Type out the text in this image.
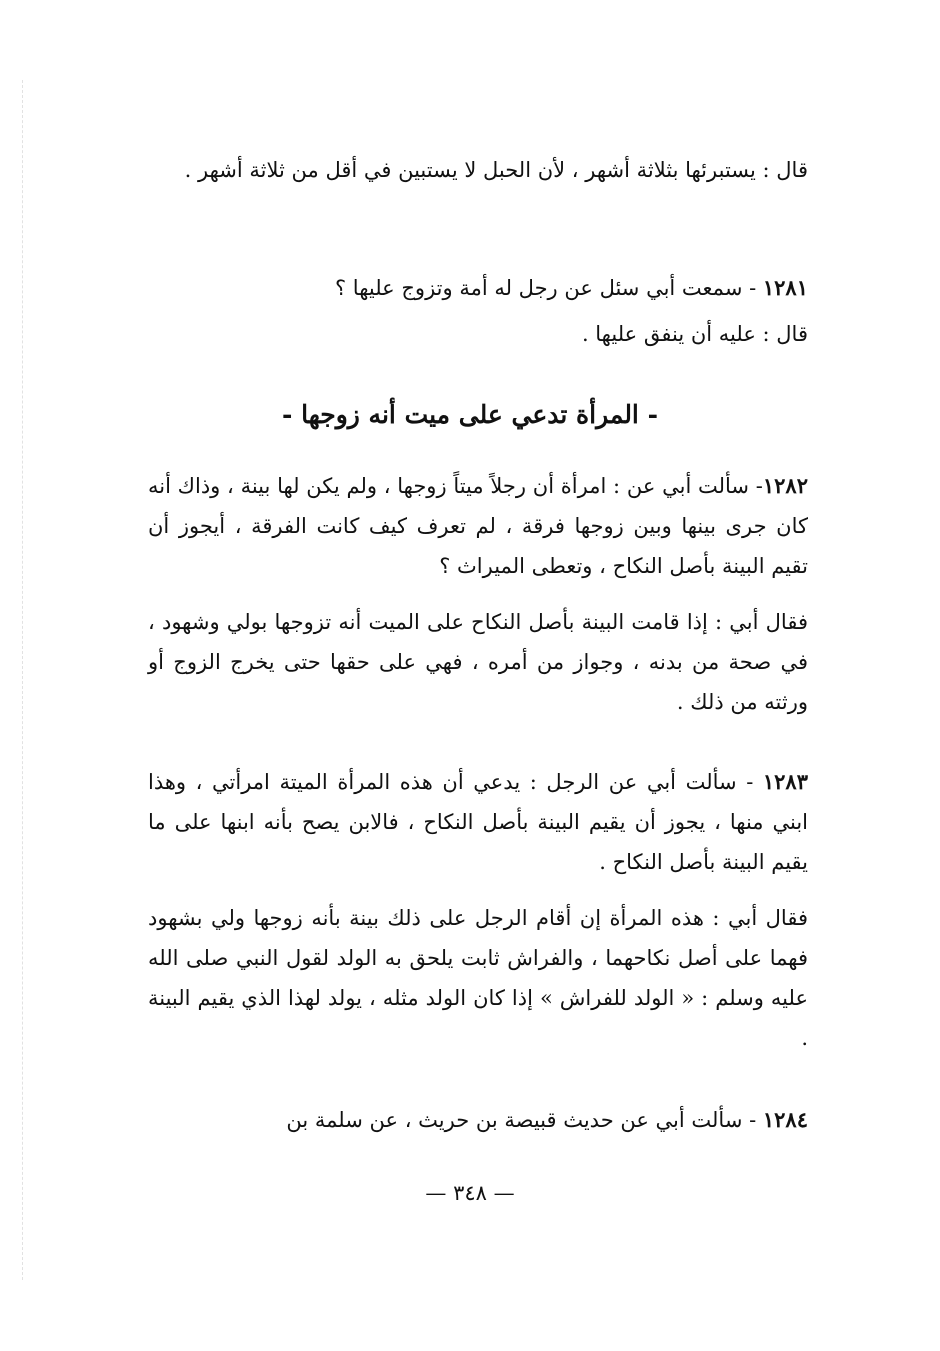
قال : يستبرئها بثلاثة أشهر ، لأن الحبل لا يستبين في أقل من ثلاثة أشهر .

١٢٨١ - سمعت أبي سئل عن رجل له أمة وتزوج عليها ؟

قال : عليه أن ينفق عليها .

- المرأة تدعي على ميت أنه زوجها -

١٢٨٢- سألت أبي عن : امرأة أن رجلاً ميتاً زوجها ، ولم يكن لها بينة ، وذاك أنه كان جرى بينها وبين زوجها فرقة ، لم تعرف كيف كانت الفرقة ، أيجوز أن تقيم البينة بأصل النكاح ، وتعطى الميراث ؟

فقال أبي : إذا قامت البينة بأصل النكاح على الميت أنه تزوجها بولي وشهود ، في صحة من بدنه ، وجواز من أمره ، فهي على حقها حتى يخرج الزوج أو ورثته من ذلك .

١٢٨٣ - سألت أبي عن الرجل : يدعي أن هذه المرأة الميتة امرأتي ، وهذا ابني منها ، يجوز أن يقيم البينة بأصل النكاح ، فالابن يصح بأنه ابنها على ما يقيم البينة بأصل النكاح .

فقال أبي : هذه المرأة إن أقام الرجل على ذلك بينة بأنه زوجها ولي بشهود فهما على أصل نكاحهما ، والفراش ثابت يلحق به الولد لقول النبي صلى الله عليه وسلم : « الولد للفراش » إذا كان الولد مثله ، يولد لهذا الذي يقيم البينة .

١٢٨٤ - سألت أبي عن حديث قبيصة بن حريث ، عن سلمة بن

— ٣٤٨ —
